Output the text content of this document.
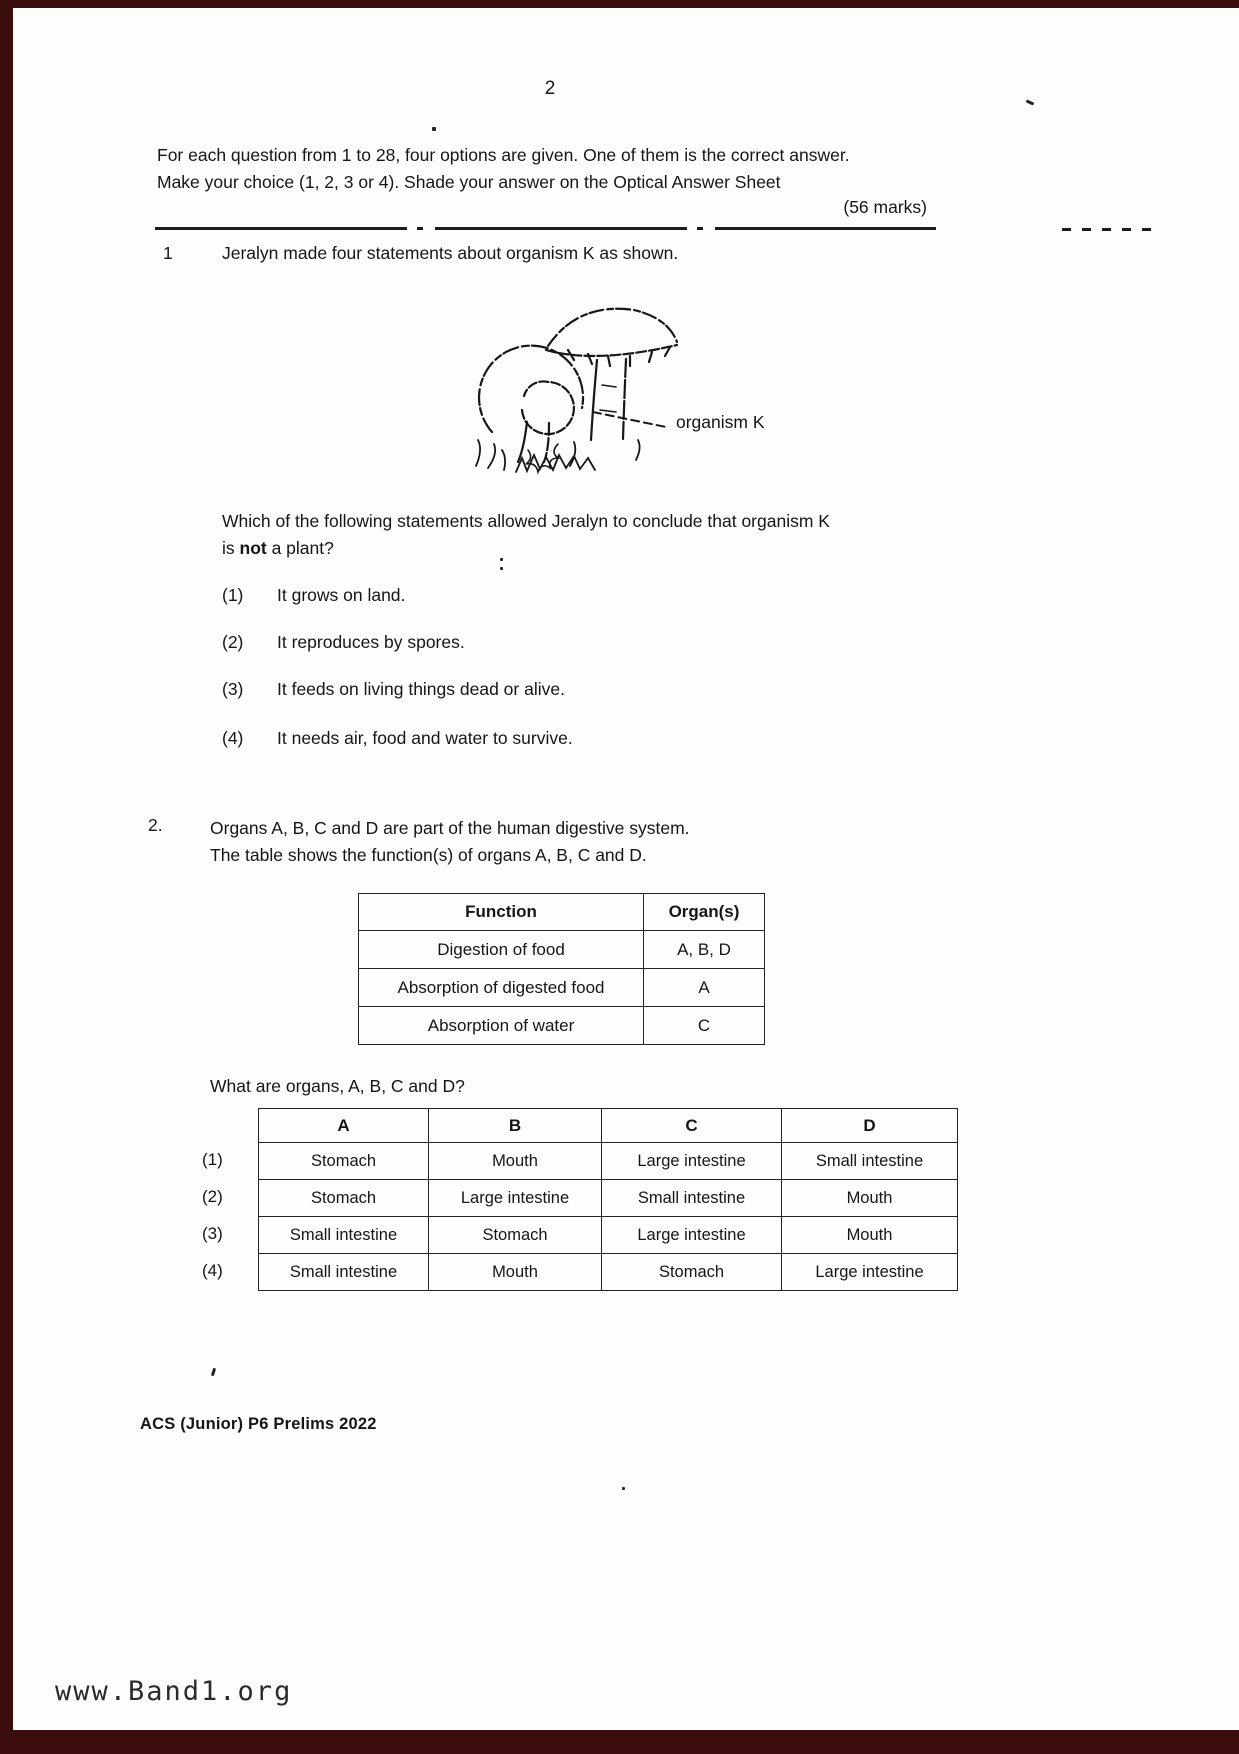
2
For each question from 1 to 28, four options are given. One of them is the correct answer.
Make your choice (1, 2, 3 or 4). Shade your answer on the Optical Answer Sheet
(56 marks)
1	Jeralyn made four statements about organism K as shown.
organism K
Which of the following statements allowed Jeralyn to conclude that organism K
is not a plant?
(1)	It grows on land.
(2)	It reproduces by spores.
(3)	It feeds on living things dead or alive.
(4)	It needs air, food and water to survive.
2.	Organs A, B, C and D are part of the human digestive system.
The table shows the function(s) of organs A, B, C and D.
Function	Organ(s)
Digestion of food	A, B, D
Absorption of digested food	A
Absorption of water	C
What are organs, A, B, C and D?
(1)
(2)
(3)
(4)
A	B	C	D
Stomach	Mouth	Large intestine	Small intestine
Stomach	Large intestine	Small intestine	Mouth
Small intestine	Stomach	Large intestine	Mouth
Small intestine	Mouth	Stomach	Large intestine
ACS (Junior) P6 Prelims 2022
www.Band1.org
